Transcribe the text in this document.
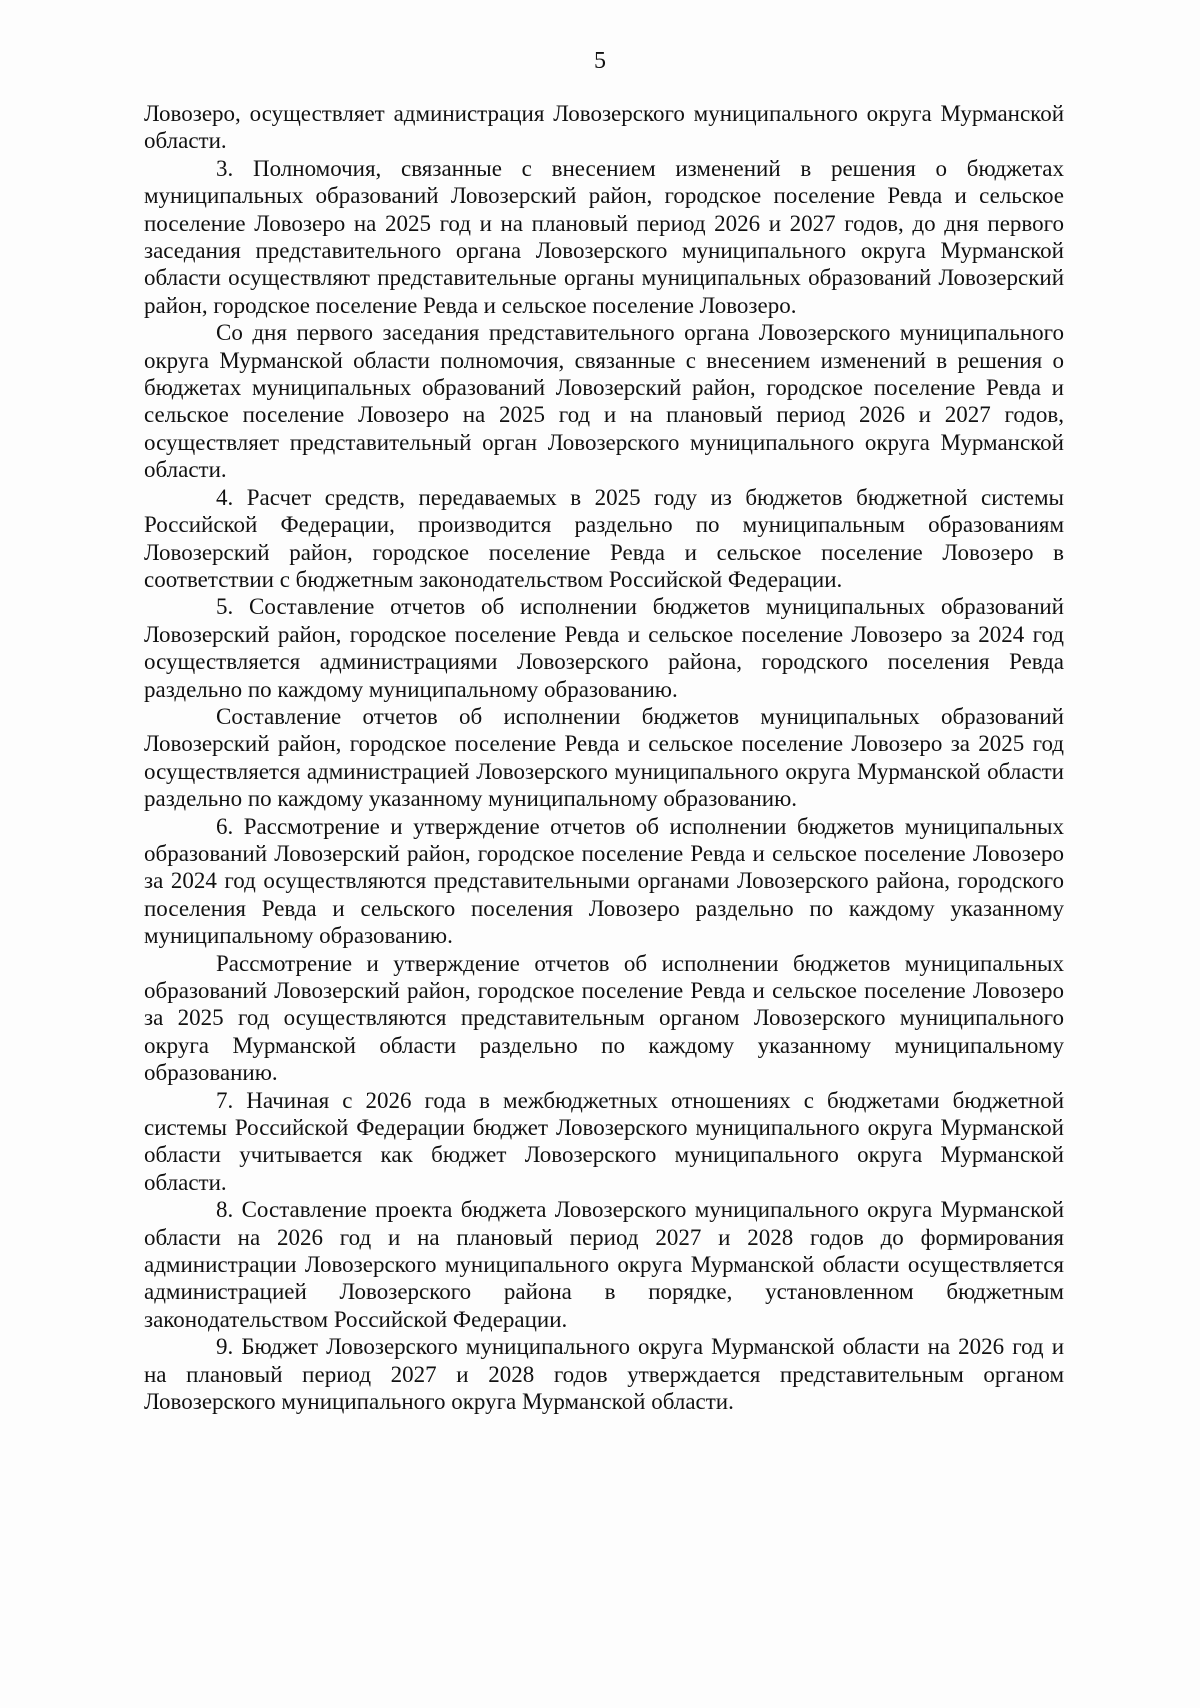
5

Ловозеро, осуществляет администрация Ловозерского муниципального округа Мурманской области.

3. Полномочия, связанные с внесением изменений в решения о бюджетах муниципальных образований Ловозерский район, городское поселение Ревда и сельское поселение Ловозеро на 2025 год и на плановый период 2026 и 2027 годов, до дня первого заседания представительного органа Ловозерского муниципального округа Мурманской области осуществляют представительные органы муниципальных образований Ловозерский район, городское поселение Ревда и сельское поселение Ловозеро.

Со дня первого заседания представительного органа Ловозерского муниципального округа Мурманской области полномочия, связанные с внесением изменений в решения о бюджетах муниципальных образований Ловозерский район, городское поселение Ревда и сельское поселение Ловозеро на 2025 год и на плановый период 2026 и 2027 годов, осуществляет представительный орган Ловозерского муниципального округа Мурманской области.

4. Расчет средств, передаваемых в 2025 году из бюджетов бюджетной системы Российской Федерации, производится раздельно по муниципальным образованиям Ловозерский район, городское поселение Ревда и сельское поселение Ловозеро в соответствии с бюджетным законодательством Российской Федерации.

5. Составление отчетов об исполнении бюджетов муниципальных образований Ловозерский район, городское поселение Ревда и сельское поселение Ловозеро за 2024 год осуществляется администрациями Ловозерского района, городского поселения Ревда раздельно по каждому муниципальному образованию.

Составление отчетов об исполнении бюджетов муниципальных образований Ловозерский район, городское поселение Ревда и сельское поселение Ловозеро за 2025 год осуществляется администрацией Ловозерского муниципального округа Мурманской области раздельно по каждому указанному муниципальному образованию.

6. Рассмотрение и утверждение отчетов об исполнении бюджетов муниципальных образований Ловозерский район, городское поселение Ревда и сельское поселение Ловозеро за 2024 год осуществляются представительными органами Ловозерского района, городского поселения Ревда и сельского поселения Ловозеро раздельно по каждому указанному муниципальному образованию.

Рассмотрение и утверждение отчетов об исполнении бюджетов муниципальных образований Ловозерский район, городское поселение Ревда и сельское поселение Ловозеро за 2025 год осуществляются представительным органом Ловозерского муниципального округа Мурманской области раздельно по каждому указанному муниципальному образованию.

7. Начиная с 2026 года в межбюджетных отношениях с бюджетами бюджетной системы Российской Федерации бюджет Ловозерского муниципального округа Мурманской области учитывается как бюджет Ловозерского муниципального округа Мурманской области.

8. Составление проекта бюджета Ловозерского муниципального округа Мурманской области на 2026 год и на плановый период 2027 и 2028 годов до формирования администрации Ловозерского муниципального округа Мурманской области осуществляется администрацией Ловозерского района в порядке, установленном бюджетным законодательством Российской Федерации.

9. Бюджет Ловозерского муниципального округа Мурманской области на 2026 год и на плановый период 2027 и 2028 годов утверждается представительным органом Ловозерского муниципального округа Мурманской области.
